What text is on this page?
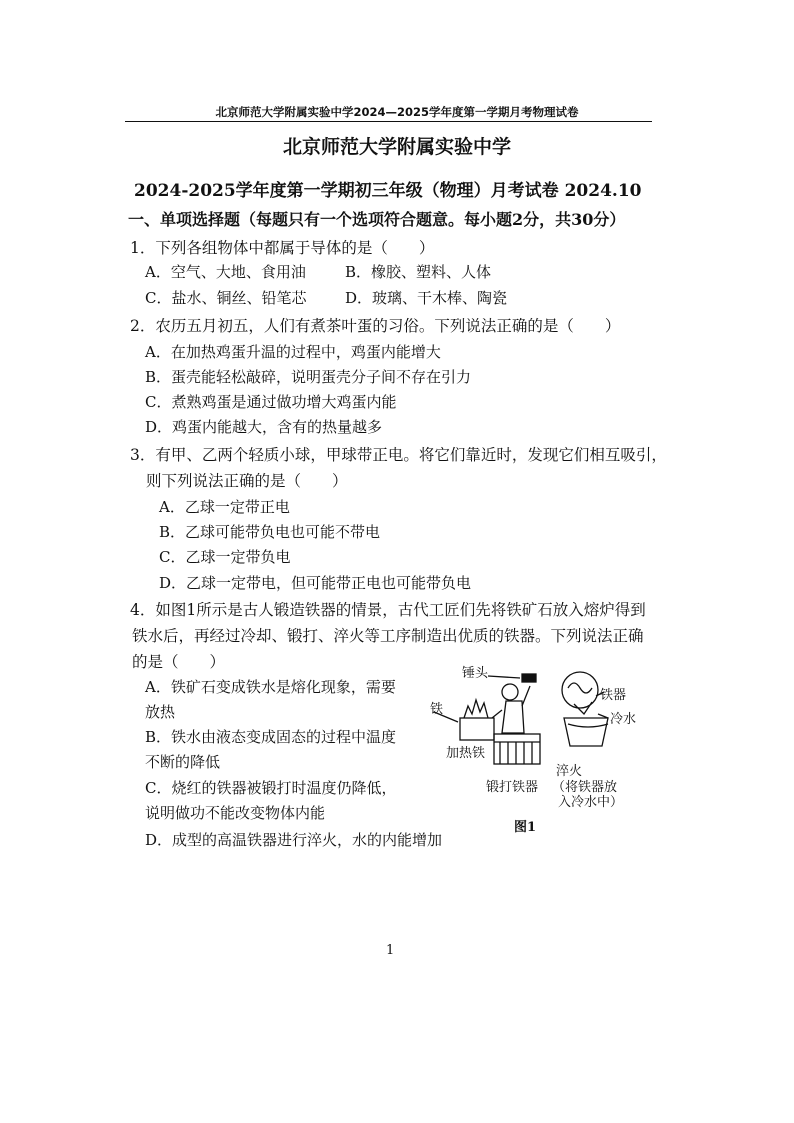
北京师范大学附属实验中学2024—2025学年度第一学期月考物理试卷
北京师范大学附属实验中学
2024-2025学年度第一学期初三年级（物理）月考试卷 2024.10
一、单项选择题（每题只有一个选项符合题意。每小题2分，共30分）
1．下列各组物体中都属于导体的是（　　）
A．空气、大地、食用油	B．橡胶、塑料、人体
C．盐水、铜丝、铅笔芯	D．玻璃、干木棒、陶瓷
2．农历五月初五，人们有煮茶叶蛋的习俗。下列说法正确的是（　　）
A．在加热鸡蛋升温的过程中，鸡蛋内能增大
B．蛋壳能轻松敲碎，说明蛋壳分子间不存在引力
C．煮熟鸡蛋是通过做功增大鸡蛋内能
D．鸡蛋内能越大，含有的热量越多
3．有甲、乙两个轻质小球，甲球带正电。将它们靠近时，发现它们相互吸引，
则下列说法正确的是（　　）
A．乙球一定带正电
B．乙球可能带负电也可能不带电
C．乙球一定带负电
D．乙球一定带电，但可能带正电也可能带负电
4．如图1所示是古人锻造铁器的情景，古代工匠们先将铁矿石放入熔炉得到
铁水后，再经过冷却、锻打、淬火等工序制造出优质的铁器。下列说法正确
的是（　　）
A．铁矿石变成铁水是熔化现象，需要
放热
B．铁水由液态变成固态的过程中温度
不断的降低
C．烧红的铁器被锻打时温度仍降低，
说明做功不能改变物体内能
D．成型的高温铁器进行淬火，水的内能增加
锤头
铁
加热铁
锻打铁器
铁器
冷水
淬火
（将铁器放
入冷水中）
图1
1
